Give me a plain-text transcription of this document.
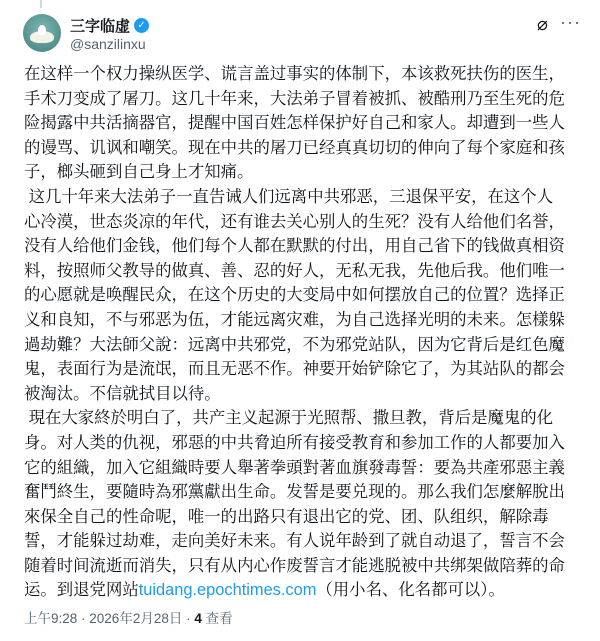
三字临虚 ✓
@sanzilinxu
⌀ ···
在这样一个权力操纵医学、谎言盖过事实的体制下，本该救死扶伤的医生，
手术刀变成了屠刀。这几十年来，大法弟子冒着被抓、被酷刑乃至生死的危
险揭露中共活摘器官，提醒中国百姓怎样保护好自己和家人。却遭到一些人
的谩骂、讥讽和嘲笑。现在中共的屠刀已经真真切切的伸向了每个家庭和孩
子，榔头砸到自己身上才知痛。
这几十年来大法弟子一直告诫人们远离中共邪恶，三退保平安，在这个人
心冷漠，世态炎凉的年代，还有谁去关心别人的生死？没有人给他们名誉，
没有人给他们金钱，他们每个人都在默默的付出，用自己省下的钱做真相资
料，按照师父教导的做真、善、忍的好人，无私无我，先他后我。他们唯一
的心愿就是唤醒民众，在这个历史的大变局中如何摆放自己的位置？选择正
义和良知，不与邪恶为伍，才能远离灾难，为自己选择光明的未来。怎樣躲
過劫難？大法師父說：远离中共邪党，不为邪党站队，因为它背后是红色魔
鬼，表面行为是流氓，而且无恶不作。神要开始铲除它了，为其站队的都会
被淘汰。不信就拭目以待。
現在大家終於明白了，共产主义起源于光照帮、撒旦教，背后是魔鬼的化
身。对人类的仇视，邪惡的中共脅迫所有接受教育和参加工作的人都要加入
它的組織，加入它組織時要人舉著拳頭對著血旗發毒誓：要為共產邪惡主義
奮鬥終生，要隨時為邪黨獻出生命。发誓是要兑现的。那么我们怎麼解脫出
來保全自己的性命呢，唯一的出路只有退出它的党、团、队组织，解除毒
誓，才能躲过劫难，走向美好未来。有人说年龄到了就自动退了，誓言不会
随着时间流逝而消失，只有从内心作废誓言才能逃脱被中共绑架做陪葬的命
运。到退党网站tuidang.epochtimes.com（用小名、化名都可以）。
上午9:28 · 2026年2月28日 · 4 查看
